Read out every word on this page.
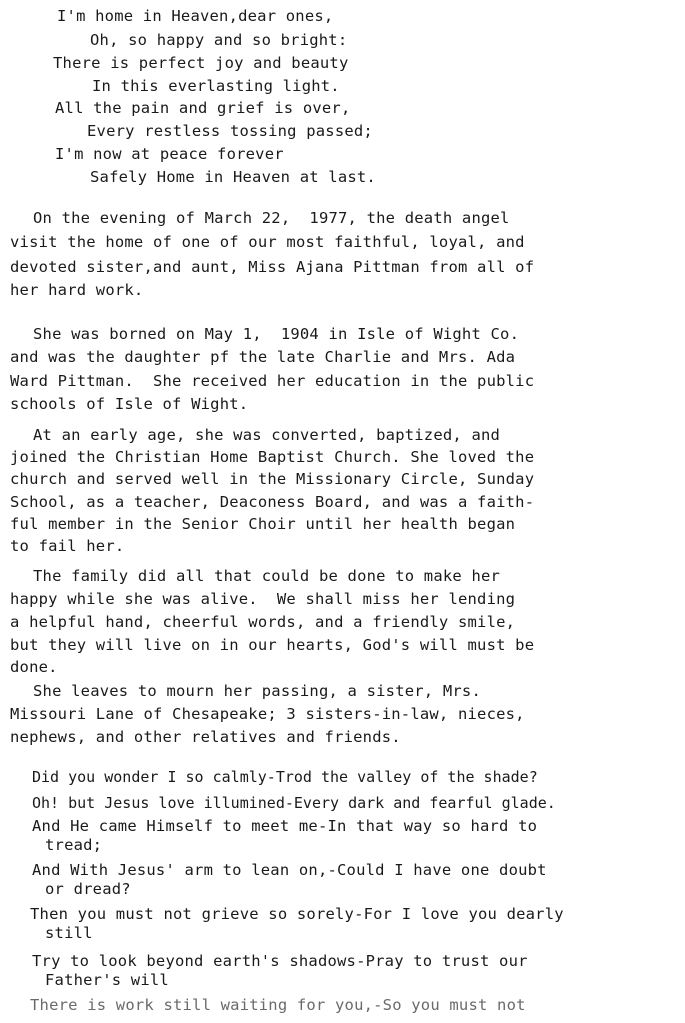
I'm home in Heaven,dear ones,
Oh, so happy and so bright:
There is perfect joy and beauty
In this everlasting light.
All the pain and grief is over,
Every restless tossing passed;
I'm now at peace forever
Safely Home in Heaven at last.
On the evening of March 22,  1977, the death angel
visit the home of one of our most faithful, loyal, and
devoted sister,and aunt, Miss Ajana Pittman from all of
her hard work.
She was borned on May 1,  1904 in Isle of Wight Co.
and was the daughter pf the late Charlie and Mrs. Ada
Ward Pittman.  She received her education in the public
schools of Isle of Wight.
At an early age, she was converted, baptized, and
joined the Christian Home Baptist Church. She loved the
church and served well in the Missionary Circle, Sunday
School, as a teacher, Deaconess Board, and was a faith-
ful member in the Senior Choir until her health began
to fail her.
The family did all that could be done to make her
happy while she was alive.  We shall miss her lending
a helpful hand, cheerful words, and a friendly smile,
but they will live on in our hearts, God's will must be
done.
She leaves to mourn her passing, a sister, Mrs.
Missouri Lane of Chesapeake; 3 sisters-in-law, nieces,
nephews, and other relatives and friends.
Did you wonder I so calmly-Trod the valley of the shade?
Oh! but Jesus love illumined-Every dark and fearful glade.
And He came Himself to meet me-In that way so hard to
tread;
And With Jesus' arm to lean on,-Could I have one doubt
or dread?
Then you must not grieve so sorely-For I love you dearly
still
Try to look beyond earth's shadows-Pray to trust our
Father's will
There is work still waiting for you,-So you must not
